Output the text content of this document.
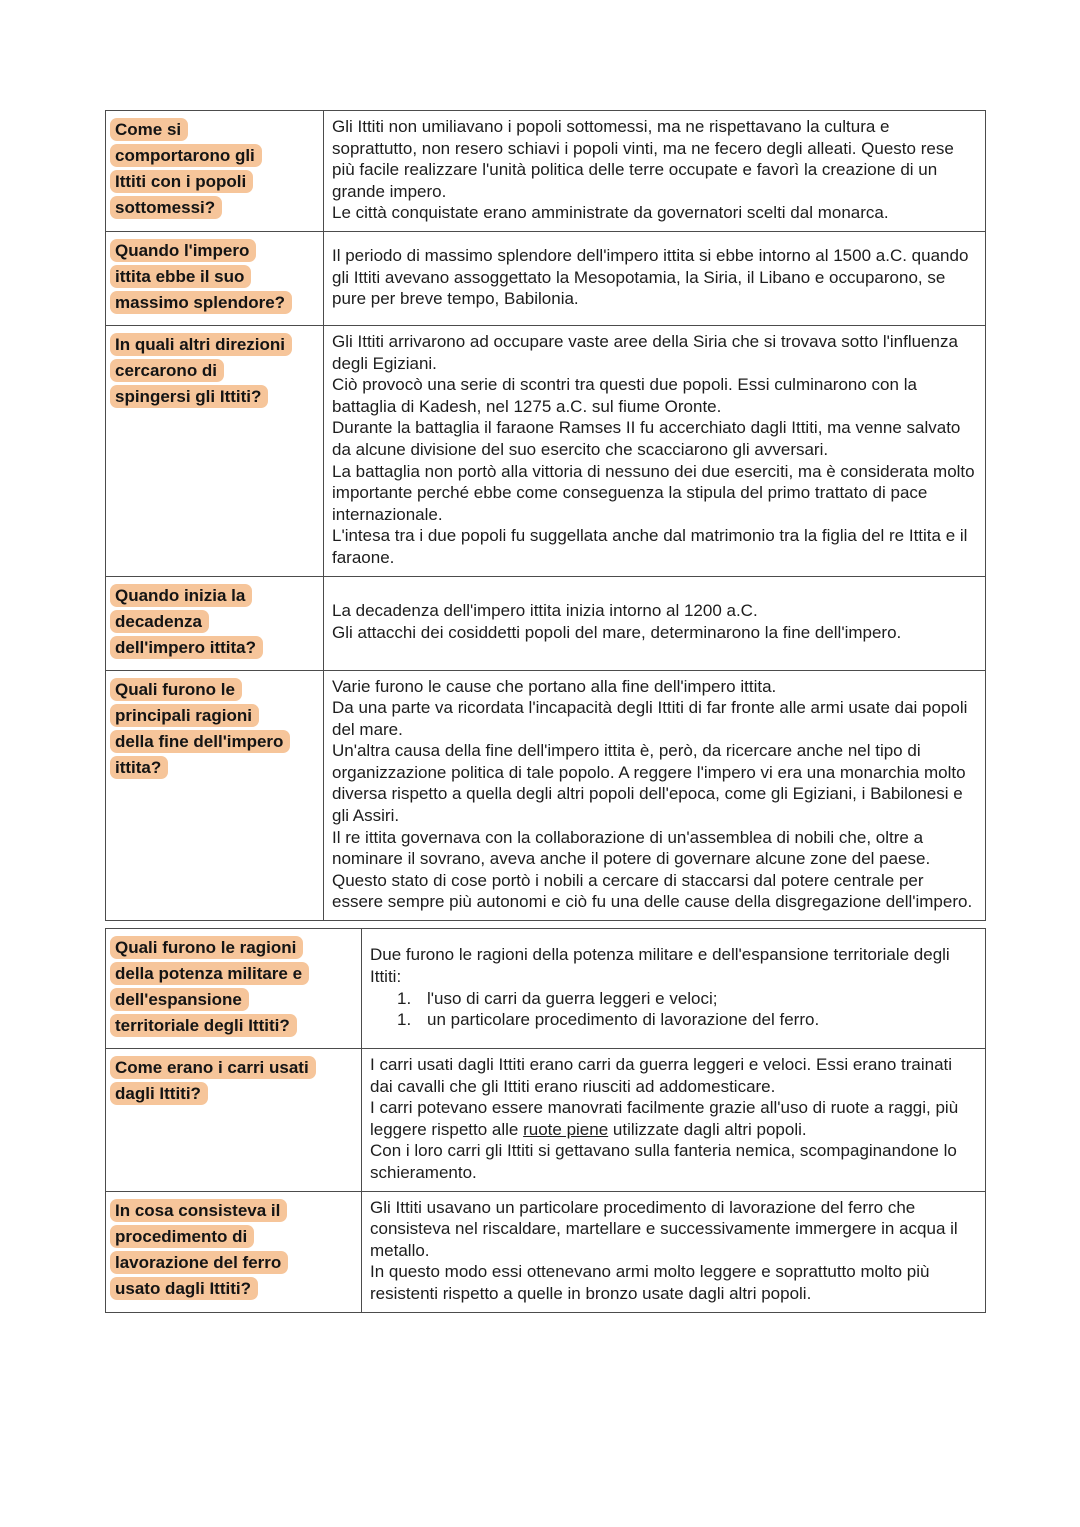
Come si
comportarono gli
Ittiti con i popoli
sottomessi?
Gli Ittiti non umiliavano i popoli sottomessi, ma ne rispettavano la cultura e soprattutto, non resero schiavi i popoli vinti, ma ne fecero degli alleati. Questo rese più facile realizzare l'unità politica delle terre occupate e favorì la creazione di un grande impero.
Le città conquistate erano amministrate da governatori scelti dal monarca.
Quando l'impero
ittita ebbe il suo
massimo splendore?
Il periodo di massimo splendore dell'impero ittita si ebbe intorno al 1500 a.C. quando gli Ittiti avevano assoggettato la Mesopotamia, la Siria, il Libano e occuparono, se pure per breve tempo, Babilonia.
In quali altri direzioni
cercarono di
spingersi gli Ittiti?
Gli Ittiti arrivarono ad occupare vaste aree della Siria che si trovava sotto l'influenza degli Egiziani.
Ciò provocò una serie di scontri tra questi due popoli. Essi culminarono con la battaglia di Kadesh, nel 1275 a.C. sul fiume Oronte.
Durante la battaglia il faraone Ramses II fu accerchiato dagli Ittiti, ma venne salvato da alcune divisione del suo esercito che scacciarono gli avversari.
La battaglia non portò alla vittoria di nessuno dei due eserciti, ma è considerata molto importante perché ebbe come conseguenza la stipula del primo trattato di pace internazionale.
L'intesa tra i due popoli fu suggellata anche dal matrimonio tra la figlia del re Ittita e il faraone.
Quando inizia la
decadenza
dell'impero ittita?
La decadenza dell'impero ittita inizia intorno al 1200 a.C.
Gli attacchi dei cosiddetti popoli del mare, determinarono la fine dell'impero.
Quali furono le
principali ragioni
della fine dell'impero
ittita?
Varie furono le cause che portano alla fine dell'impero ittita.
Da una parte va ricordata l'incapacità degli Ittiti di far fronte alle armi usate dai popoli del mare.
Un'altra causa della fine dell'impero ittita è, però, da ricercare anche nel tipo di organizzazione politica di tale popolo. A reggere l'impero vi era una monarchia molto diversa rispetto a quella degli altri popoli dell'epoca, come gli Egiziani, i Babilonesi e gli Assiri.
Il re ittita governava con la collaborazione di un'assemblea di nobili che, oltre a nominare il sovrano, aveva anche il potere di governare alcune zone del paese. Questo stato di cose portò i nobili a cercare di staccarsi dal potere centrale per essere sempre più autonomi e ciò fu una delle cause della disgregazione dell'impero.
Quali furono le ragioni
della potenza militare e
dell'espansione
territoriale degli Ittiti?
Due furono le ragioni della potenza militare e dell'espansione territoriale degli Ittiti:
1. l'uso di carri da guerra leggeri e veloci;
1. un particolare procedimento di lavorazione del ferro.
Come erano i carri usati
dagli Ittiti?
I carri usati dagli Ittiti erano carri da guerra leggeri e veloci. Essi erano trainati dai cavalli che gli Ittiti erano riusciti ad addomesticare.
I carri potevano essere manovrati facilmente grazie all'uso di ruote a raggi, più leggere rispetto alle ruote piene utilizzate dagli altri popoli.
Con i loro carri gli Ittiti si gettavano sulla fanteria nemica, scompaginandone lo schieramento.
In cosa consisteva il
procedimento di
lavorazione del ferro
usato dagli Ittiti?
Gli Ittiti usavano un particolare procedimento di lavorazione del ferro che consisteva nel riscaldare, martellare e successivamente immergere in acqua il metallo.
In questo modo essi ottenevano armi molto leggere e soprattutto molto più resistenti rispetto a quelle in bronzo usate dagli altri popoli.
